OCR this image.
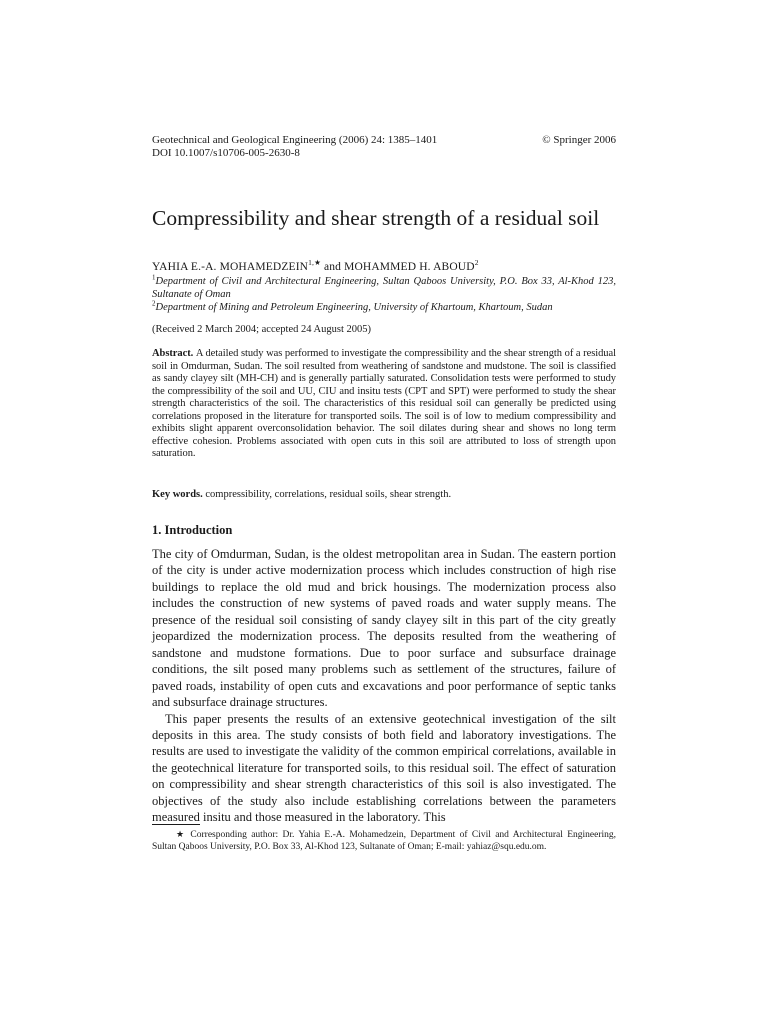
Geotechnical and Geological Engineering (2006) 24: 1385–1401	© Springer 2006
DOI 10.1007/s10706-005-2630-8
Compressibility and shear strength of a residual soil
YAHIA E.-A. $MOHAMEDZEIN^{1,★}$ and MOHAMMED H. ABOUD$^2$
$^1$Department of Civil and Architectural Engineering, Sultan Qaboos University, P.O. Box 33, Al-Khod 123, Sultanate of Oman
$^2$Department of Mining and Petroleum Engineering, University of Khartoum, Khartoum, Sudan
(Received 2 March 2004; accepted 24 August 2005)
Abstract. A detailed study was performed to investigate the compressibility and the shear strength of a residual soil in Omdurman, Sudan. The soil resulted from weathering of sandstone and mudstone. The soil is classified as sandy clayey silt (MH-CH) and is generally partially saturated. Consolidation tests were performed to study the compressibility of the soil and UU, CIU and insitu tests (CPT and SPT) were performed to study the shear strength characteristics of the soil. The characteristics of this residual soil can generally be predicted using correlations proposed in the literature for transported soils. The soil is of low to medium compressibility and exhibits slight apparent overconsolidation behavior. The soil dilates during shear and shows no long term effective cohesion. Problems associated with open cuts in this soil are attributed to loss of strength upon saturation.
Key words. compressibility, correlations, residual soils, shear strength.
1. Introduction

The city of Omdurman, Sudan, is the oldest metropolitan area in Sudan. The eastern portion of the city is under active modernization process which includes construction of high rise buildings to replace the old mud and brick housings. The modernization process also includes the construction of new systems of paved roads and water supply means. The presence of the residual soil consisting of sandy clayey silt in this part of the city greatly jeopardized the modernization process. The deposits resulted from the weathering of sandstone and mudstone formations. Due to poor surface and subsurface drainage conditions, the silt posed many problems such as settlement of the structures, failure of paved roads, instability of open cuts and excavations and poor performance of septic tanks and subsurface drainage structures.

This paper presents the results of an extensive geotechnical investigation of the silt deposits in this area. The study consists of both field and laboratory investigations. The results are used to investigate the validity of the common empirical correlations, available in the geotechnical literature for transported soils, to this residual soil. The effect of saturation on compressibility and shear strength characteristics of this soil is also investigated. The objectives of the study also include establishing correlations between the parameters measured insitu and those measured in the laboratory. This

★ Corresponding author: Dr. Yahia E.-A. Mohamedzein, Department of Civil and Architectural Engineering, Sultan Qaboos University, P.O. Box 33, Al-Khod 123, Sultanate of Oman; E-mail: yahiaz@squ.edu.om.
